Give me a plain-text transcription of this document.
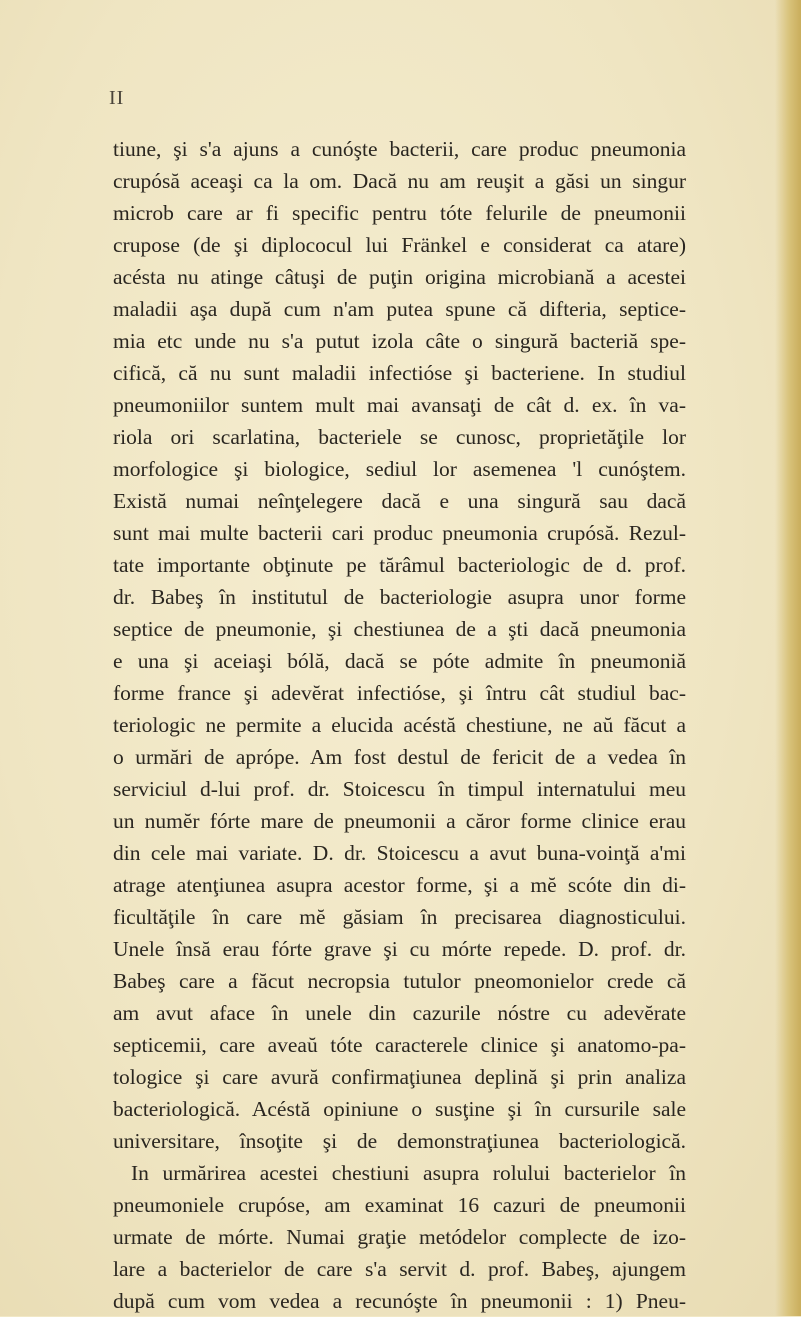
II
tiune, şi s'a ajuns a cunóşte bacterii, care produc pneumonia
crupósă aceaşi ca la om. Dacă nu am reuşit a găsi un singur
microb care ar fi specific pentru tóte felurile de pneumonii
crupose (de şi diplococul lui Fränkel e considerat ca atare)
acésta nu atinge câtuşi de puţin origina microbiană a acestei
maladii aşa după cum n'am putea spune că difteria, septice-
mia etc unde nu s'a putut izola câte o singură bacteriă spe-
cifică, că nu sunt maladii infectióse şi bacteriene. In studiul
pneumoniilor suntem mult mai avansaţi de cât d. ex. în va-
riola ori scarlatina, bacteriele se cunosc, proprietăţile lor
morfologice şi biologice, sediul lor asemenea 'l cunóştem.
Există numai neînţelegere dacă e una singură sau dacă
sunt mai multe bacterii cari produc pneumonia crupósă. Rezul-
tate importante obţinute pe tărâmul bacteriologic de d. prof.
dr. Babeş în institutul de bacteriologie asupra unor forme
septice de pneumonie, şi chestiunea de a şti dacă pneumonia
e una şi aceiaşi bólă, dacă se póte admite în pneumoniă
forme france şi adevĕrat infectióse, şi întru cât studiul bac-
teriologic ne permite a elucida acéstă chestiune, ne aŭ făcut a
o urmări de aprópe. Am fost destul de fericit de a vedea în
serviciul d-lui prof. dr. Stoicescu în timpul internatului meu
un numĕr fórte mare de pneumonii a căror forme clinice erau
din cele mai variate. D. dr. Stoicescu a avut buna-voinţă a'mi
atrage atenţiunea asupra acestor forme, şi a mĕ scóte din di-
ficultăţile în care mĕ găsiam în precisarea diagnosticului.
Unele însă erau fórte grave şi cu mórte repede. D. prof. dr.
Babeş care a făcut necropsia tutulor pneomonielor crede că
am avut aface în unele din cazurile nóstre cu adevĕrate
septicemii, care aveaŭ tóte caracterele clinice şi anatomo-pa-
tologice şi care avură confirmaţiunea deplină şi prin analiza
bacteriologică. Acéstă opiniune o susţine şi în cursurile sale
universitare, însoţite şi de demonstraţiunea bacteriologică.
In urmărirea acestei chestiuni asupra rolului bacterielor în
pneumoniele crupóse, am examinat 16 cazuri de pneumonii
urmate de mórte. Numai graţie metódelor complecte de izo-
lare a bacterielor de care s'a servit d. prof. Babeş, ajungem
după cum vom vedea a recunóşte în pneumonii : 1) Pneu-
